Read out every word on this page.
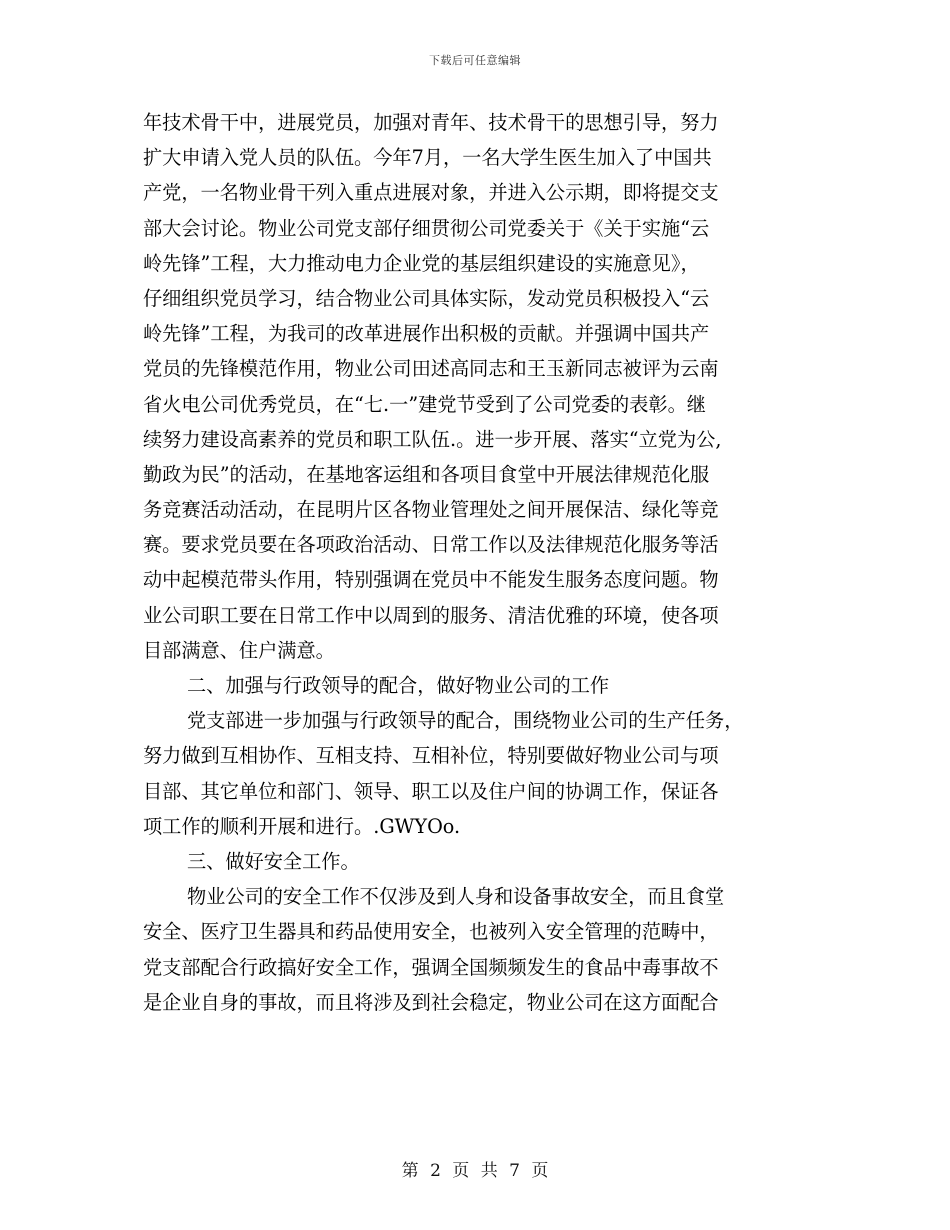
下载后可任意编辑
年技术骨干中，进展党员，加强对青年、技术骨干的思想引导，努力
扩大申请入党人员的队伍。今年7月，一名大学生医生加入了中国共
产党，一名物业骨干列入重点进展对象，并进入公示期，即将提交支
部大会讨论。物业公司党支部仔细贯彻公司党委关于《关于实施“云
岭先锋”工程，大力推动电力企业党的基层组织建设的实施意见》，
仔细组织党员学习，结合物业公司具体实际，发动党员积极投入“云
岭先锋”工程，为我司的改革进展作出积极的贡献。并强调中国共产
党员的先锋模范作用，物业公司田述高同志和王玉新同志被评为云南
省火电公司优秀党员，在“七.一”建党节受到了公司党委的表彰。继
续努力建设高素养的党员和职工队伍.。进一步开展、落实“立党为公,
勤政为民”的活动，在基地客运组和各项目食堂中开展法律规范化服
务竞赛活动活动，在昆明片区各物业管理处之间开展保洁、绿化等竞
赛。要求党员要在各项政治活动、日常工作以及法律规范化服务等活
动中起模范带头作用，特别强调在党员中不能发生服务态度问题。物
业公司职工要在日常工作中以周到的服务、清洁优雅的环境，使各项
目部满意、住户满意。
二、加强与行政领导的配合，做好物业公司的工作
党支部进一步加强与行政领导的配合，围绕物业公司的生产任务，
努力做到互相协作、互相支持、互相补位，特别要做好物业公司与项
目部、其它单位和部门、领导、职工以及住户间的协调工作，保证各
项工作的顺利开展和进行。.GWYOo.
三、做好安全工作。
物业公司的安全工作不仅涉及到人身和设备事故安全，而且食堂
安全、医疗卫生器具和药品使用安全，也被列入安全管理的范畴中，
党支部配合行政搞好安全工作，强调全国频频发生的食品中毒事故不
是企业自身的事故，而且将涉及到社会稳定，物业公司在这方面配合
第 2 页 共 7 页
